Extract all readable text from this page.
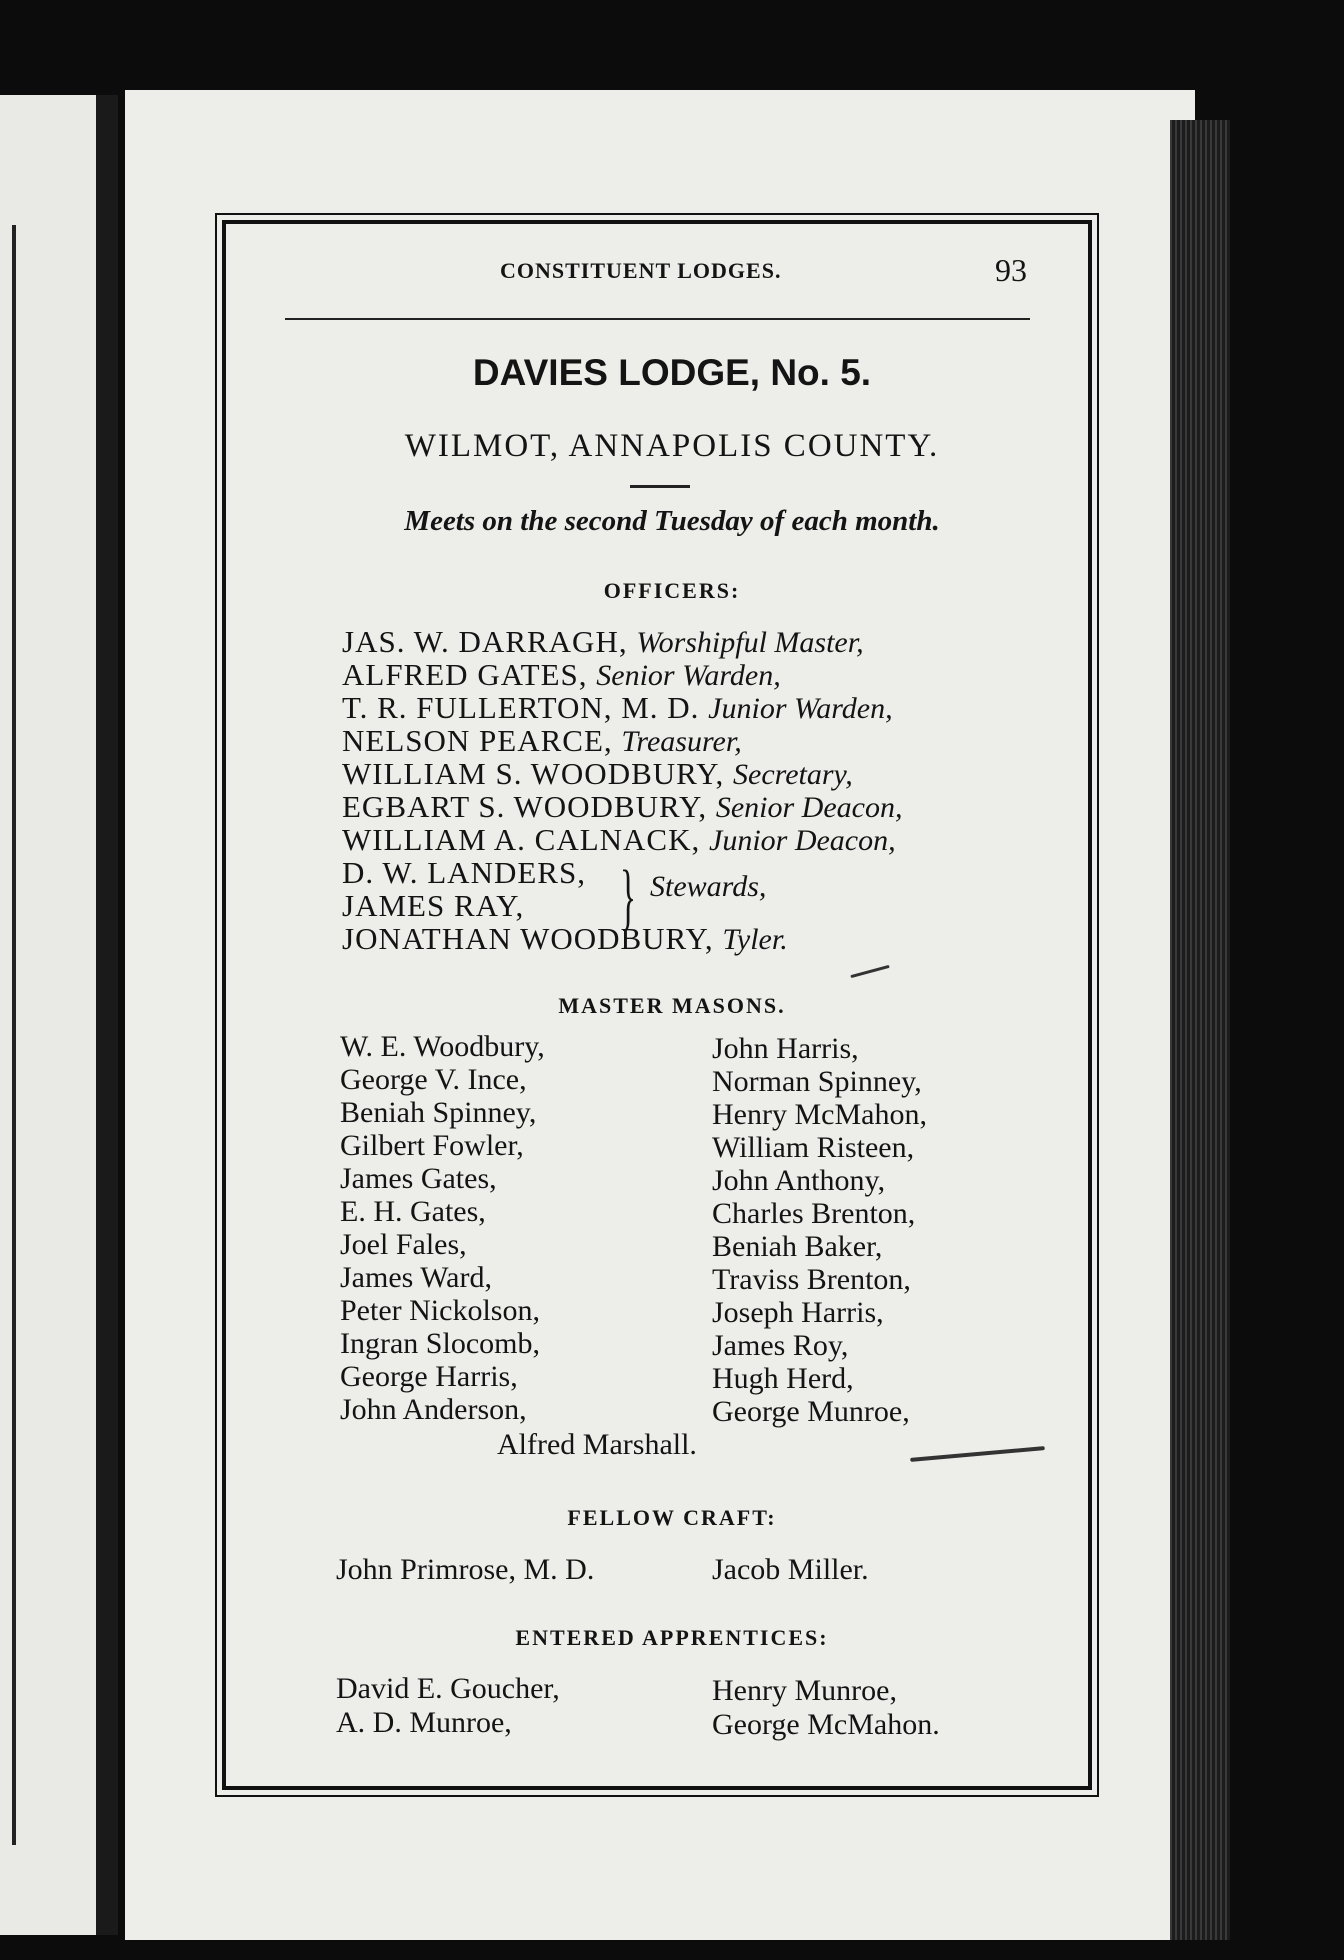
CONSTITUENT LODGES.	93
DAVIES LODGE, No. 5.
WILMOT, ANNAPOLIS COUNTY.
Meets on the second Tuesday of each month.
OFFICERS:
JAS. W. DARRAGH, Worshipful Master,
ALFRED GATES, Senior Warden,
T. R. FULLERTON, M. D. Junior Warden,
NELSON PEARCE, Treasurer,
WILLIAM S. WOODBURY, Secretary,
EGBART S. WOODBURY, Senior Deacon,
WILLIAM A. CALNACK, Junior Deacon,
D. W. LANDERS,
JAMES RAY, } Stewards,
JONATHAN WOODBURY, Tyler.
MASTER MASONS.
W. E. Woodbury,
George V. Ince,
Beniah Spinney,
Gilbert Fowler,
James Gates,
E. H. Gates,
Joel Fales,
James Ward,
Peter Nickolson,
Ingran Slocomb,
George Harris,
John Anderson,
John Harris,
Norman Spinney,
Henry McMahon,
William Risteen,
John Anthony,
Charles Brenton,
Beniah Baker,
Traviss Brenton,
Joseph Harris,
James Roy,
Hugh Herd,
George Munroe,
Alfred Marshall.
FELLOW CRAFT:
John Primrose, M. D.	Jacob Miller.
ENTERED APPRENTICES:
David E. Goucher,
A. D. Munroe,
Henry Munroe,
George McMahon.
